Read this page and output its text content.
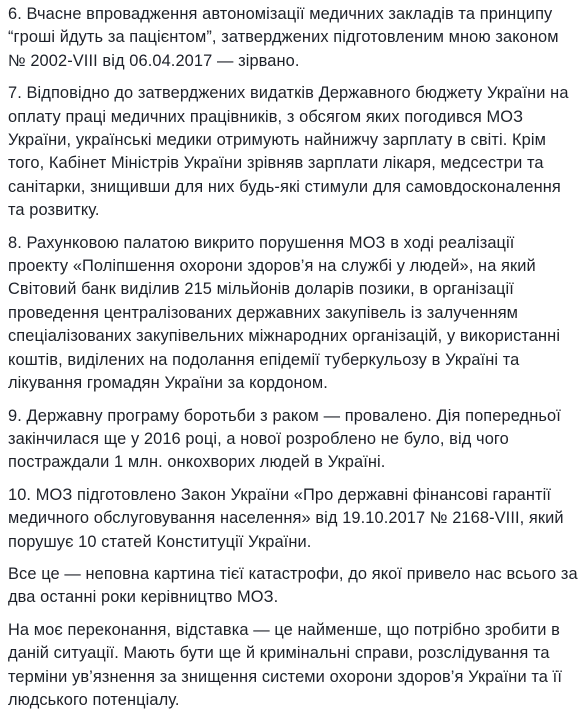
6. Вчасне впровадження автономізації медичних закладів та принципу “гроші йдуть за пацієнтом”, затверджених підготовленим мною законом № 2002-VIII від 06.04.2017 — зірвано.

7. Відповідно до затверджених видатків Державного бюджету України на оплату праці медичних працівників, з обсягом яких погодився МОЗ України, українські медики отримують найнижчу зарплату в світі. Крім того, Кабінет Міністрів України зрівняв зарплати лікаря, медсестри та санітарки, знищивши для них будь-які стимули для самовдосконалення та розвитку.

8. Рахунковою палатою викрито порушення МОЗ в ході реалізації проекту «Поліпшення охорони здоров’я на службі у людей», на який Світовий банк виділив 215 мільйонів доларів позики, в організації проведення централізованих державних закупівель із залученням спеціалізованих закупівельних міжнародних організацій, у використанні коштів, виділених на подолання епідемії туберкульозу в Україні та лікування громадян України за кордоном.

9. Державну програму боротьби з раком — провалено. Дія попередньої закінчилася ще у 2016 році, а нової розроблено не було, від чого постраждали 1 млн. онкохворих людей в Україні.

10. МОЗ підготовлено Закон України «Про державні фінансові гарантії медичного обслуговування населення» від 19.10.2017 № 2168-VIII, який порушує 10 статей Конституції України.

Все це — неповна картина тієї катастрофи, до якої привело нас всього за два останні роки керівництво МОЗ.

На моє переконання, відставка — це найменше, що потрібно зробити в даній ситуації. Мають бути ще й кримінальні справи, розслідування та терміни ув’язнення за знищення системи охорони здоров’я України та її людського потенціалу.
